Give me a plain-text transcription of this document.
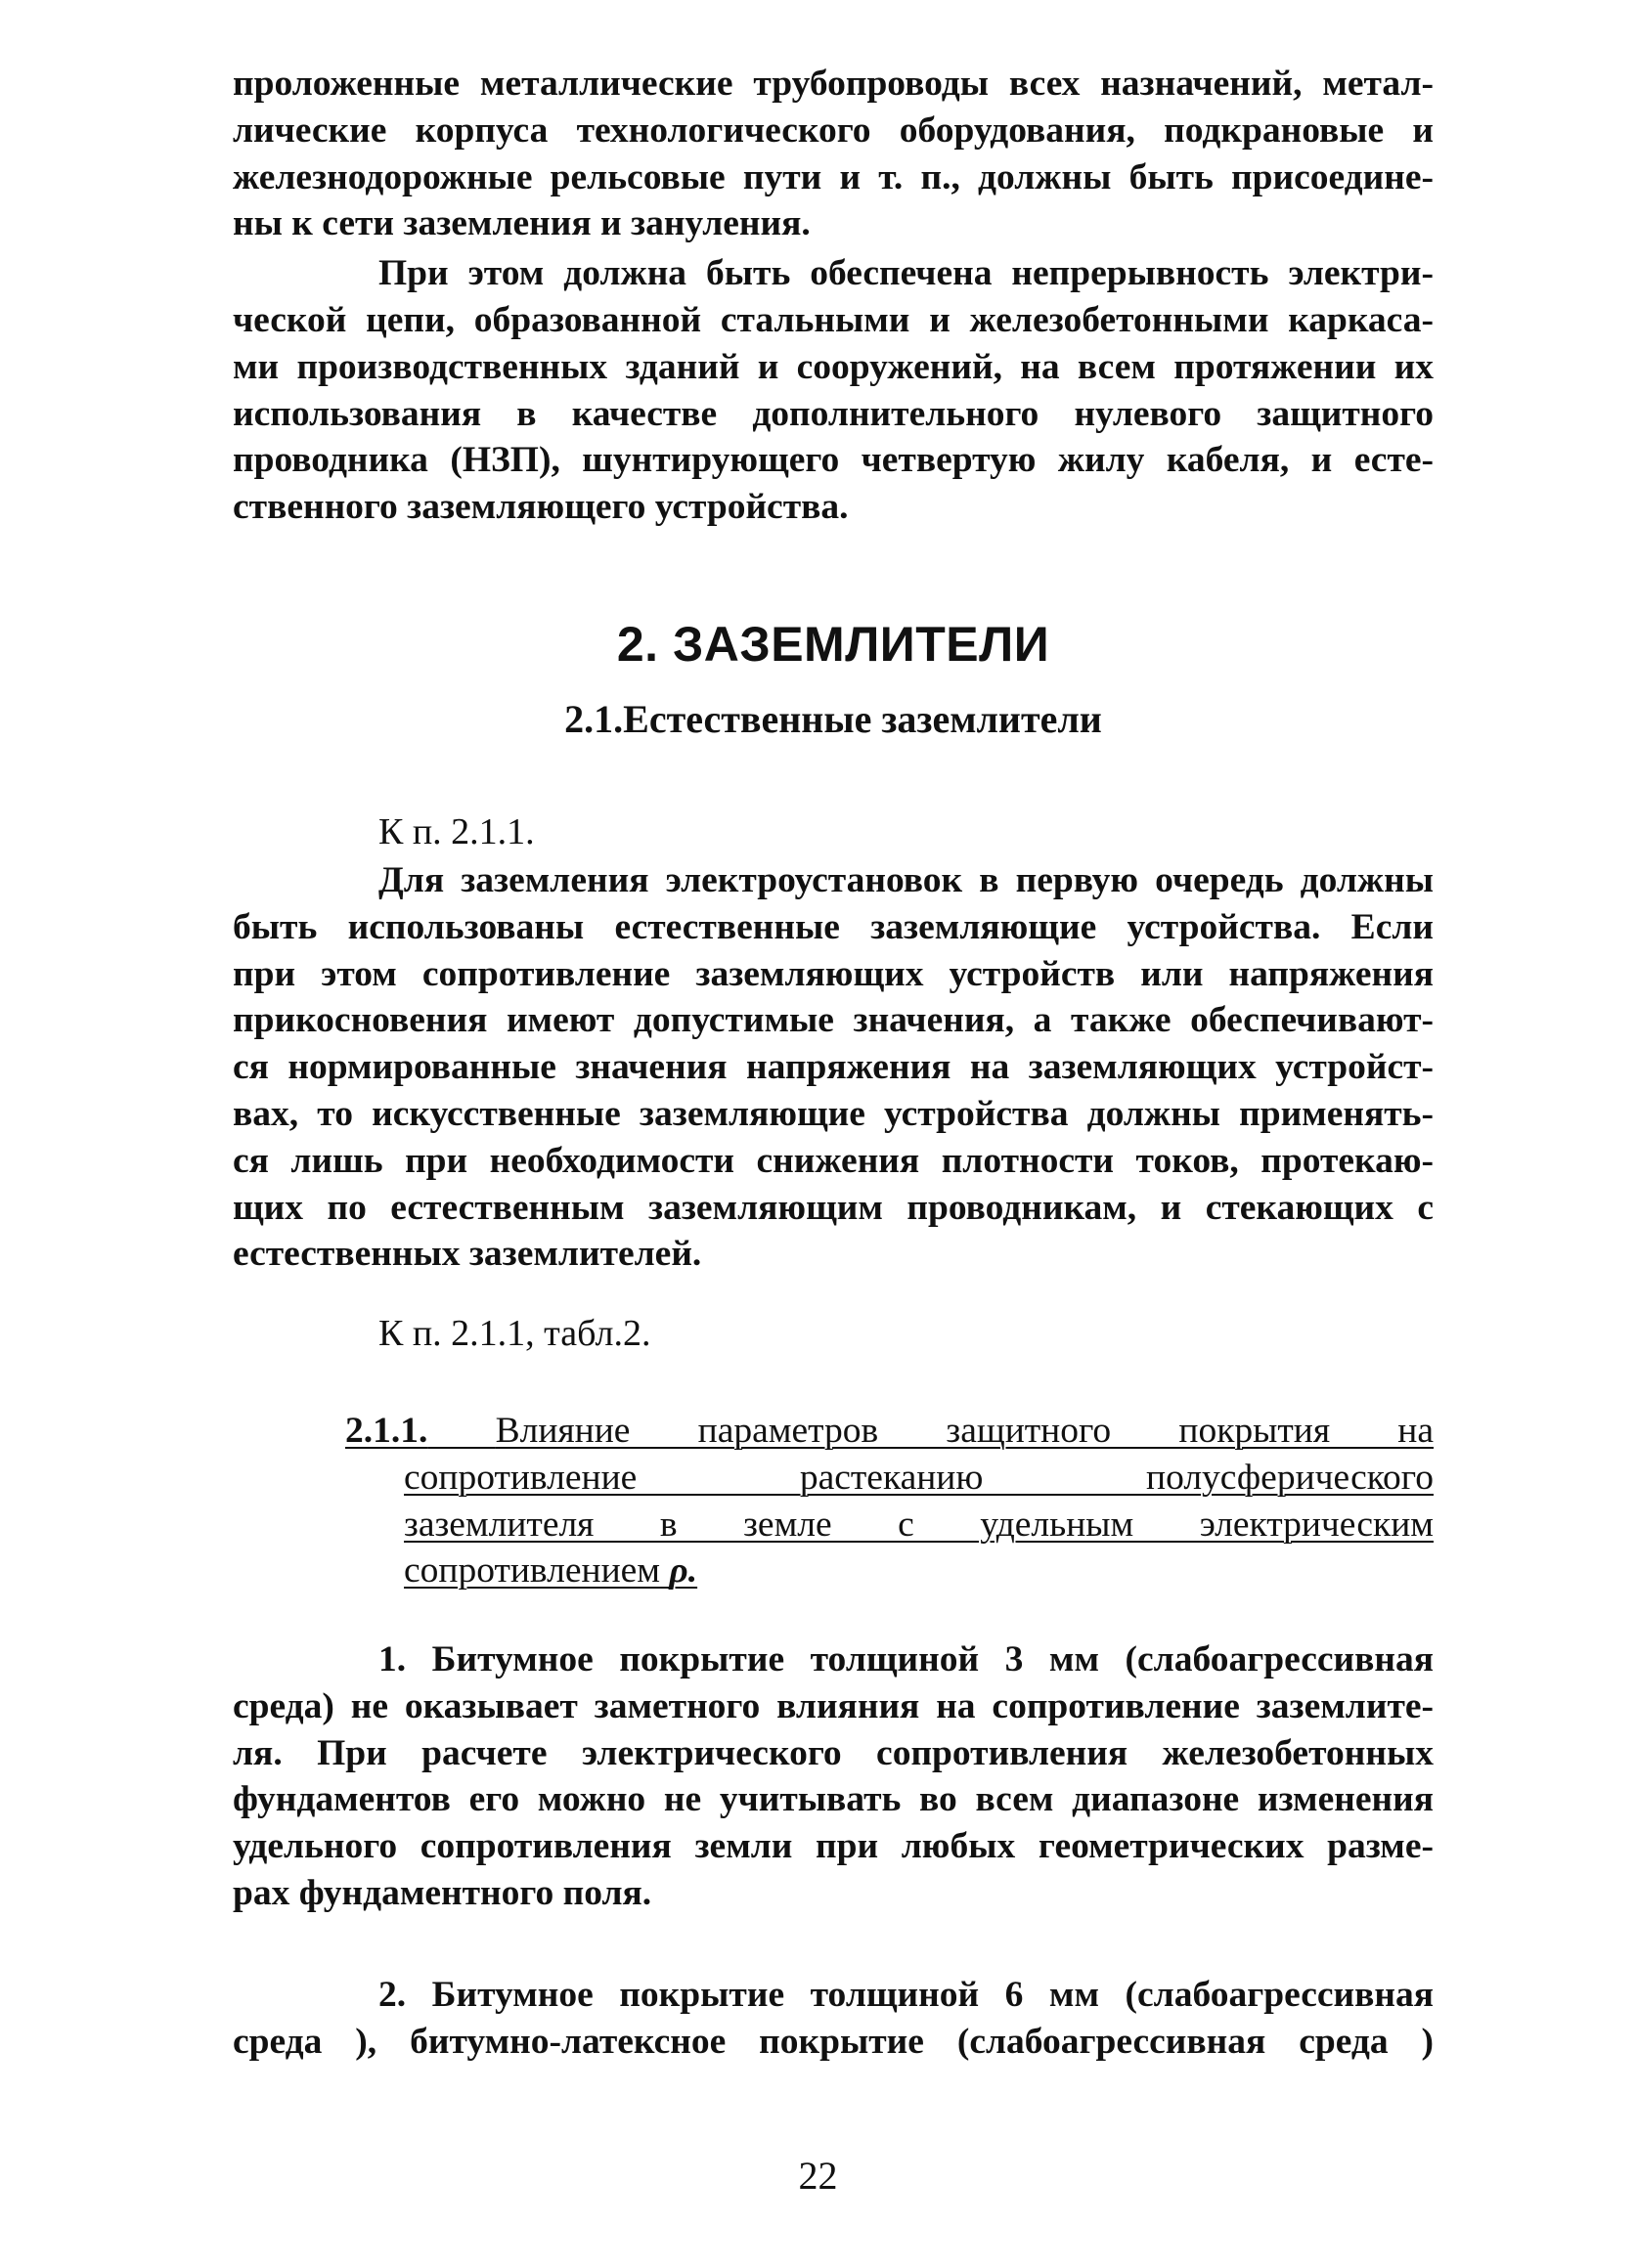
проложенные металлические трубопроводы всех назначений, метал-
лические корпуса технологического оборудования, подкрановые и
железнодорожные рельсовые пути и т. п., должны быть присоедине-
ны к сети заземления и зануления.

При этом должна быть обеспечена непрерывность электри-
ческой цепи, образованной стальными и железобетонными каркаса-
ми производственных зданий и сооружений, на всем протяжении их
использования в качестве дополнительного нулевого защитного
проводника (НЗП), шунтирующего четвертую жилу кабеля, и есте-
ственного заземляющего устройства.

2. ЗАЗЕМЛИТЕЛИ
2.1.Естественные заземлители

К п. 2.1.1.

Для заземления электроустановок в первую очередь должны
быть использованы естественные заземляющие устройства. Если
при этом сопротивление заземляющих устройств или напряжения
прикосновения имеют допустимые значения, а также обеспечивают-
ся нормированные значения напряжения на заземляющих устройст-
вах, то искусственные заземляющие устройства должны применять-
ся лишь при необходимости снижения плотности токов, протекаю-
щих по естественным заземляющим проводникам, и стекающих с
естественных заземлителей.

К п. 2.1.1, табл.2.

2.1.1. Влияние параметров защитного покрытия на
сопротивление растеканию полусферического
заземлителя в земле с удельным электрическим
сопротивлением ρ.

1. Битумное покрытие толщиной 3 мм (слабоагрессивная
среда) не оказывает заметного влияния на сопротивление заземлите-
ля. При расчете электрического сопротивления железобетонных
фундаментов его можно не учитывать во всем диапазоне изменения
удельного сопротивления земли при любых геометрических разме-
рах фундаментного поля.

2. Битумное покрытие толщиной 6 мм (слабоагрессивная
среда ), битумно-латексное покрытие (слабоагрессивная среда )

22
